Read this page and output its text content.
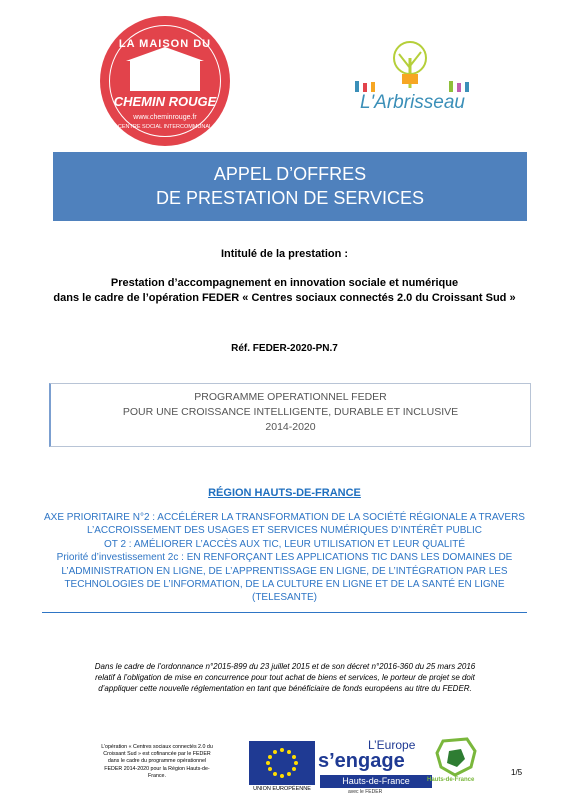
LA MAISON DU
CHEMIN ROUGE
www.cheminrouge.fr
CENTRE SOCIAL INTERCOMMUNAL
L'Arbrisseau
APPEL D’OFFRES
DE PRESTATION DE SERVICES
Intitulé de la prestation :
Prestation d’accompagnement en innovation sociale et numérique
dans le cadre de l’opération FEDER « Centres sociaux connectés 2.0 du Croissant Sud »
Réf. FEDER-2020-PN.7
PROGRAMME OPERATIONNEL FEDER
POUR UNE CROISSANCE INTELLIGENTE, DURABLE ET INCLUSIVE
2014-2020
RÉGION HAUTS-DE-FRANCE
AXE PRIORITAIRE N°2 : ACCÉLÉRER LA TRANSFORMATION DE LA SOCIÉTÉ RÉGIONALE A TRAVERS
L’ACCROISSEMENT DES USAGES ET SERVICES NUMÉRIQUES D’INTÉRÊT PUBLIC
OT 2 : AMÉLIORER L’ACCÈS AUX TIC, LEUR UTILISATION ET LEUR QUALITÉ
Priorité d’investissement 2c : EN RENFORÇANT LES APPLICATIONS TIC DANS LES DOMAINES DE
L’ADMINISTRATION EN LIGNE, DE L’APPRENTISSAGE EN LIGNE, DE L’INTÉGRATION PAR LES
TECHNOLOGIES DE L’INFORMATION, DE LA CULTURE EN LIGNE ET DE LA SANTÉ EN LIGNE
(TELESANTE)
Dans le cadre de l’ordonnance n°2015-899 du 23 juillet 2015 et de son décret n°2016-360 du 25 mars 2016
relatif à l’obligation de mise en concurrence pour tout achat de biens et services, le porteur de projet se doit
d’appliquer cette nouvelle réglementation en tant que bénéficiaire de fonds européens au titre du FEDER.
L’opération « Centres sociaux connectés 2.0 du
Croissant Sud » est cofinancée par le FEDER
dans le cadre du programme opérationnel
FEDER 2014-2020 pour la Région Hauts-de-
France.
UNION EUROPÉENNE
L’Europe
s’engage
Hauts-de-France
avec le FEDER
Hauts-de-France
1/5
